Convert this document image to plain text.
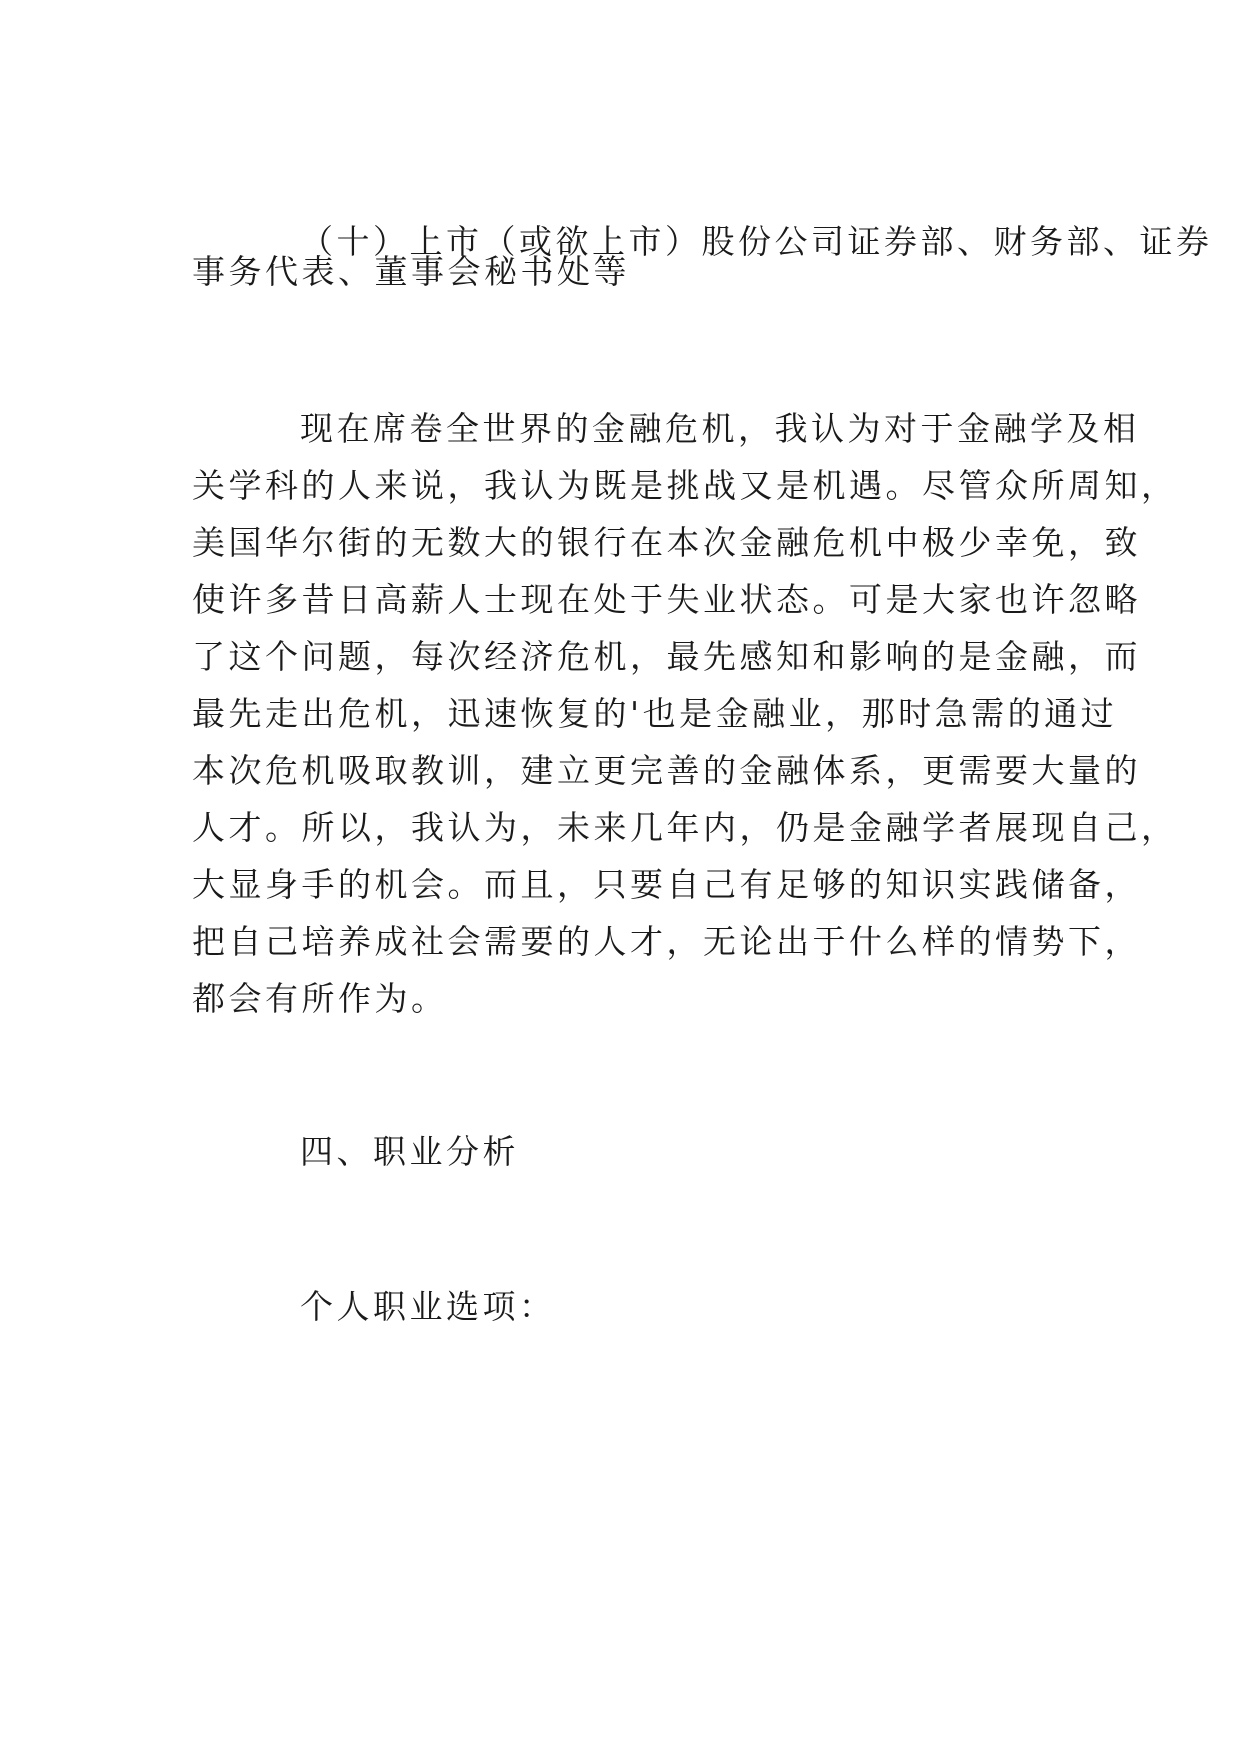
（十）上市（或欲上市）股份公司证券部、财务部、证券
事务代表、董事会秘书处等
现在席卷全世界的金融危机，我认为对于金融学及相
关学科的人来说，我认为既是挑战又是机遇。尽管众所周知，
美国华尔街的无数大的银行在本次金融危机中极少幸免，致
使许多昔日高薪人士现在处于失业状态。可是大家也许忽略
了这个问题，每次经济危机，最先感知和影响的是金融，而
最先走出危机，迅速恢复的'也是金融业，那时急需的通过
本次危机吸取教训，建立更完善的金融体系，更需要大量的
人才。所以，我认为，未来几年内，仍是金融学者展现自己，
大显身手的机会。而且，只要自己有足够的知识实践储备，
把自己培养成社会需要的人才，无论出于什么样的情势下，
都会有所作为。
四、职业分析
个人职业选项：
